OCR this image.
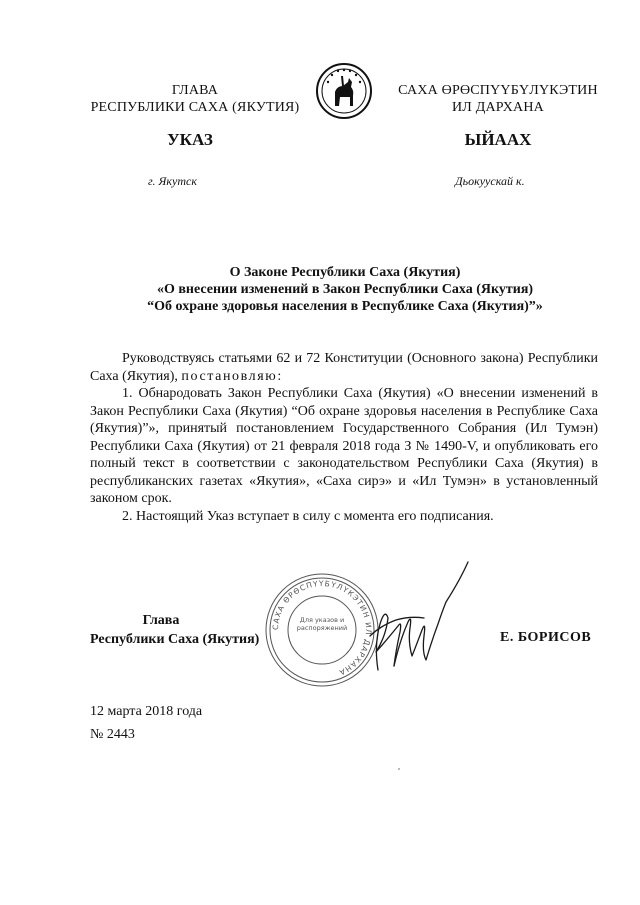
ГЛАВА
РЕСПУБЛИКИ САХА (ЯКУТИЯ)
САХА ӨРӨСПҮҮБҮЛҮКЭТИН
ИЛ ДАРХАНА
УКАЗ	ЫЙААХ
г. Якутск	Дьокуускай к.
О Законе Республики Саха (Якутия)
«О внесении изменений в Закон Республики Саха (Якутия)
“Об охране здоровья населения в Республике Саха (Якутия)”»

Руководствуясь статьями 62 и 72 Конституции (Основного закона) Республики Саха (Якутия), постановляю:

1. Обнародовать Закон Республики Саха (Якутия) «О внесении изменений в Закон Республики Саха (Якутия) “Об охране здоровья населения в Республике Саха (Якутия)”», принятый постановлением Государственного Собрания (Ил Тумэн) Республики Саха (Якутия) от 21 февраля 2018 года З № 1490-V, и опубликовать его полный текст в соответствии с законодательством Республики Саха (Якутия) в республиканских газетах «Якутия», «Саха сирэ» и «Ил Тумэн» в установленный законом срок.

2. Настоящий Указ вступает в силу с момента его подписания.

САХА ӨРӨСПҮҮБҮЛҮКЭТИН ИЛ ДАРХАНА
Для указов и распоряжений
Глава
Республики Саха (Якутия)	Е. БОРИСОВ
12 марта 2018 года
№ 2443
